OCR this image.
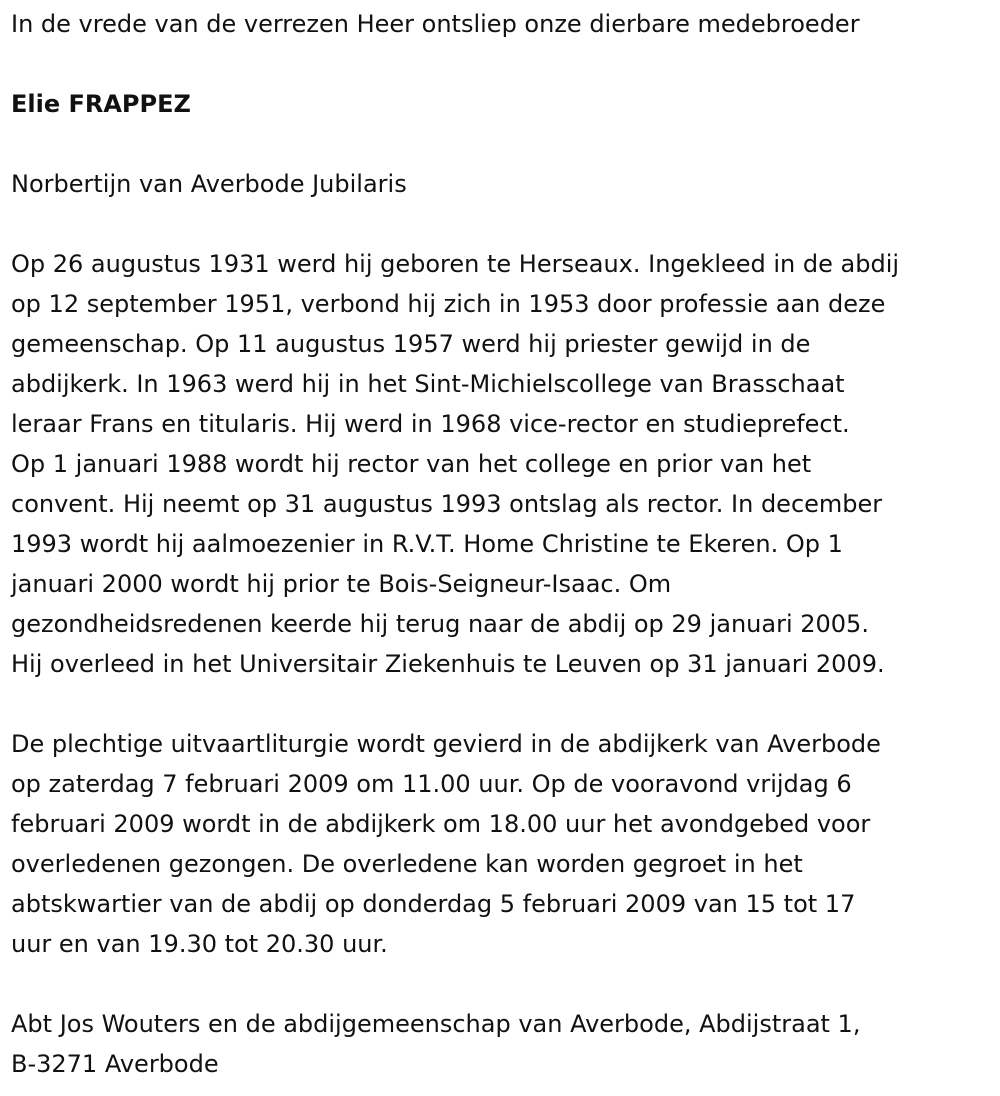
In de vrede van de verrezen Heer ontsliep onze dierbare medebroeder

Elie FRAPPEZ

Norbertijn van Averbode Jubilaris

Op 26 augustus 1931 werd hij geboren te Herseaux. Ingekleed in de abdij

op 12 september 1951, verbond hij zich in 1953 door professie aan deze

gemeenschap. Op 11 augustus 1957 werd hij priester gewijd in de

abdijkerk. In 1963 werd hij in het Sint-Michielscollege van Brasschaat

leraar Frans en titularis. Hij werd in 1968 vice-rector en studieprefect.

Op 1 januari 1988 wordt hij rector van het college en prior van het

convent. Hij neemt op 31 augustus 1993 ontslag als rector. In december

1993 wordt hij aalmoezenier in R.V.T. Home Christine te Ekeren. Op 1

januari 2000 wordt hij prior te Bois-Seigneur-Isaac. Om

gezondheidsredenen keerde hij terug naar de abdij op 29 januari 2005.

Hij overleed in het Universitair Ziekenhuis te Leuven op 31 januari 2009.

De plechtige uitvaartliturgie wordt gevierd in de abdijkerk van Averbode

op zaterdag 7 februari 2009 om 11.00 uur. Op de vooravond vrijdag 6

februari 2009 wordt in de abdijkerk om 18.00 uur het avondgebed voor

overledenen gezongen. De overledene kan worden gegroet in het

abtskwartier van de abdij op donderdag 5 februari 2009 van 15 tot 17

uur en van 19.30 tot 20.30 uur.

Abt Jos Wouters en de abdijgemeenschap van Averbode, Abdijstraat 1,

B-3271 Averbode
